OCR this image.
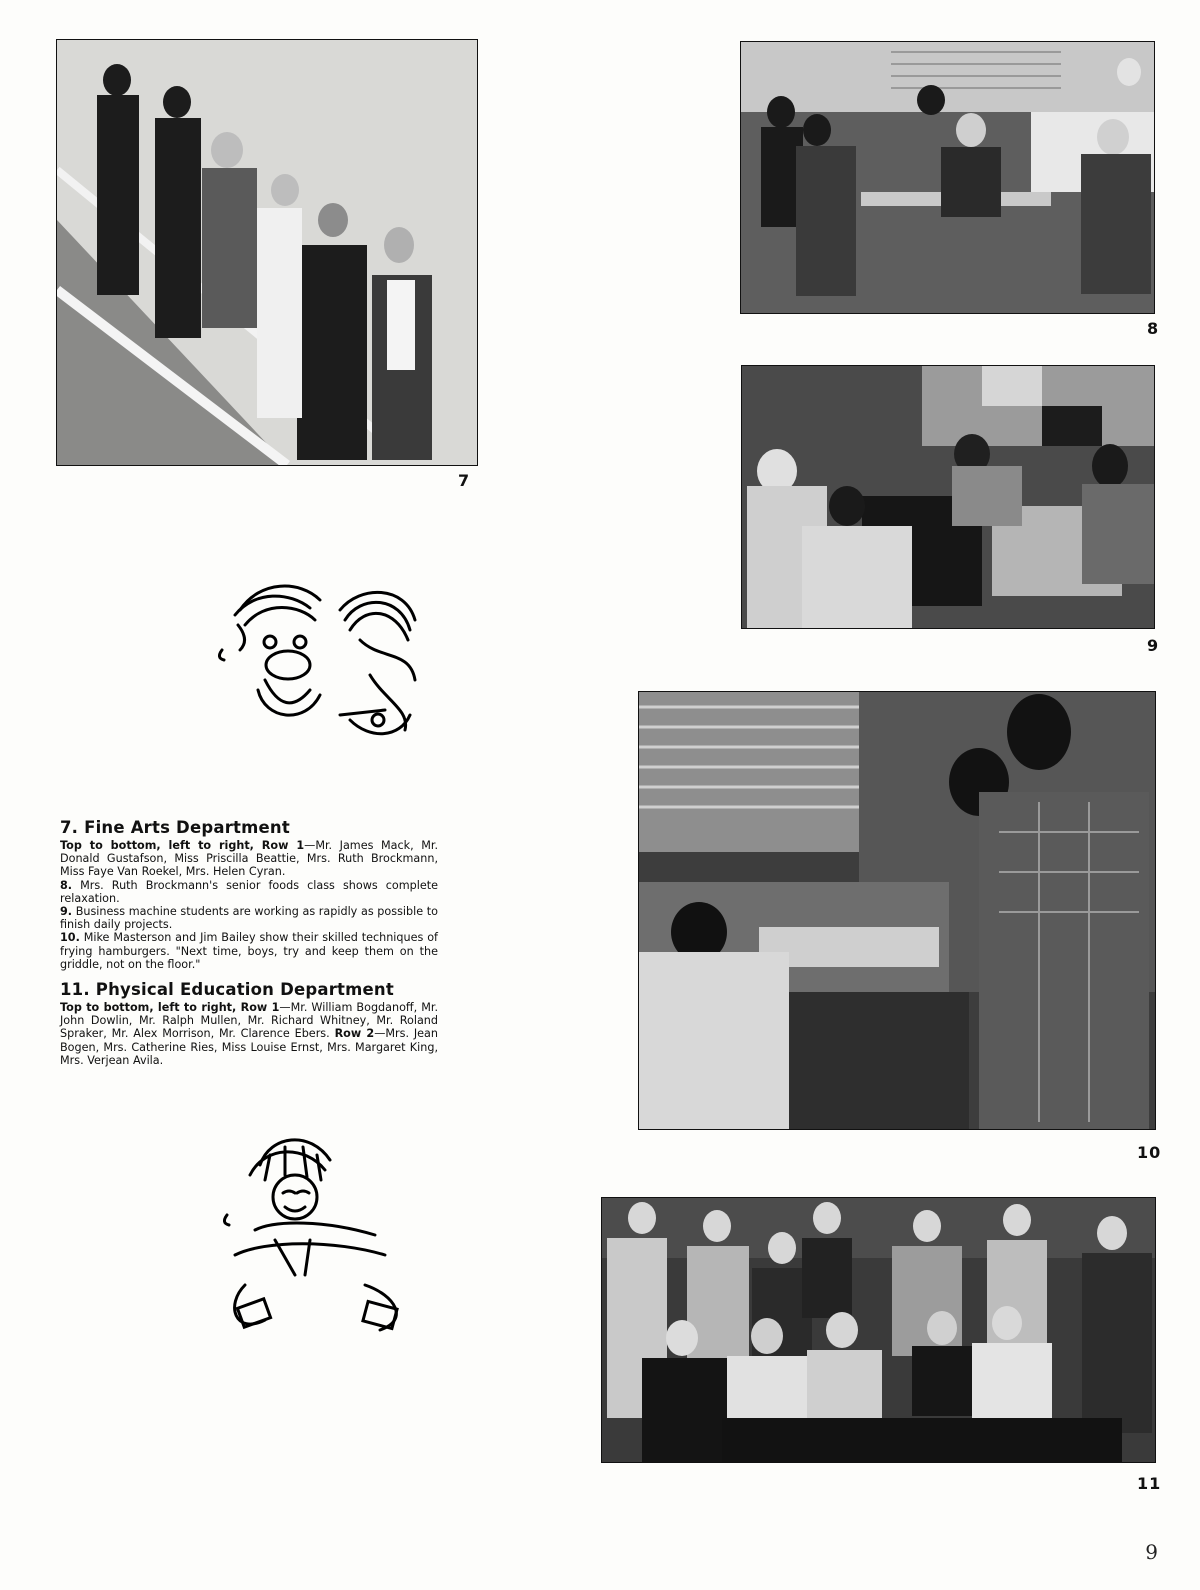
7
8
9
10
11
7. Fine Arts Department

Top to bottom, left to right, Row 1—Mr. James Mack, Mr. Donald Gustafson, Miss Priscilla Beattie, Mrs. Ruth Brockmann, Miss Faye Van Roekel, Mrs. Helen Cyran.

8. Mrs. Ruth Brockmann's senior foods class shows complete relaxation.

9. Business machine students are working as rapidly as possible to finish daily projects.

10. Mike Masterson and Jim Bailey show their skilled techniques of frying hamburgers. "Next time, boys, try and keep them on the griddle, not on the floor."

11. Physical Education Department

Top to bottom, left to right, Row 1—Mr. William Bogdanoff, Mr. John Dowlin, Mr. Ralph Mullen, Mr. Richard Whitney, Mr. Roland Spraker, Mr. Alex Morrison, Mr. Clarence Ebers. Row 2—Mrs. Jean Bogen, Mrs. Catherine Ries, Miss Louise Ernst, Mrs. Margaret King, Mrs. Verjean Avila.

9
